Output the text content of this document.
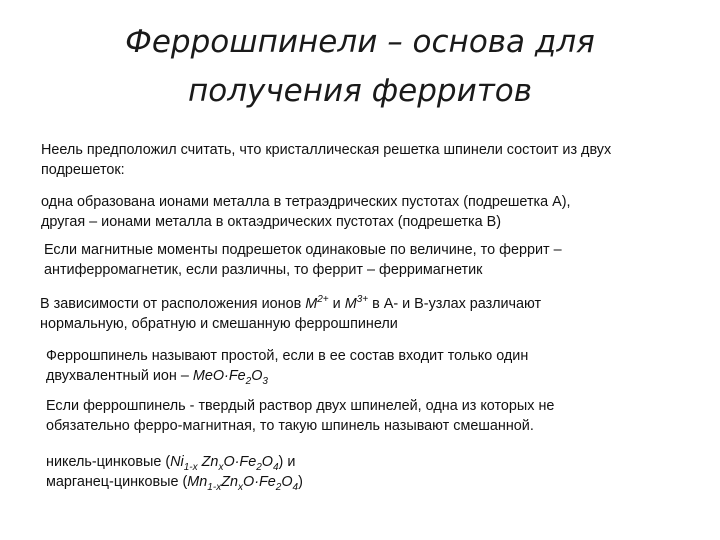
Феррошпинели – основа для
получения ферритов
Неель предположил считать, что кристаллическая решетка шпинели состоит из двух
подрешеток:
одна образована ионами металла в тетраэдрических пустотах (подрешетка А),
другая – ионами металла в октаэдрических пустотах (подрешетка В)
Если магнитные моменты подрешеток одинаковые по величине, то феррит –
антиферромагнетик, если различны, то феррит – ферримагнетик
В зависимости от расположения ионов $M^{2+}$ и $M^{3+}$ в А- и В-узлах различают
нормальную, обратную и смешанную феррошпинели
Феррошпинель называют простой, если в ее состав входит только один
двухвалентный ион – $MeO\cdot Fe_2O_3$
Если феррошпинель - твердый раствор двух шпинелей, одна из которых не
обязательно ферро-магнитная, то такую шпинель называют смешанной.
никель-цинковые ($Ni_{1-x}$ $Zn_xO\cdot Fe_2O_4$) и
марганец-цинковые $(Mn_{1-x}Zn_xO\cdot Fe_2O_4)$
